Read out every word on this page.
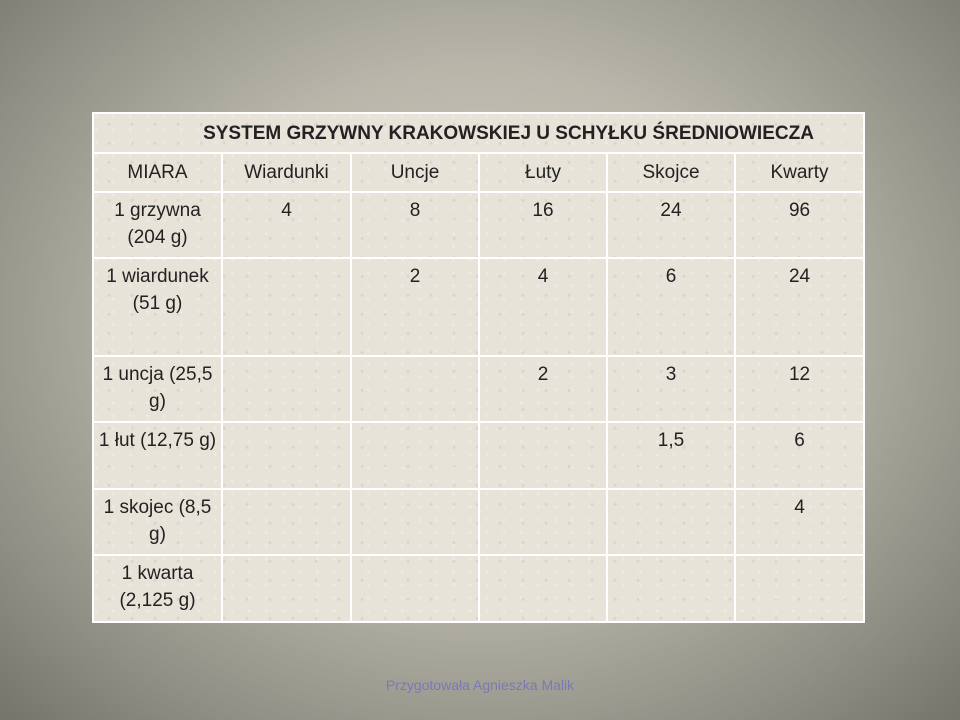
SYSTEM GRZYWNY KRAKOWSKIEJ U SCHYŁKU ŚREDNIOWIECZA					
MIARA	Wiardunki	Uncje	Łuty	Skojce	Kwarty
1 grzywna (204 g)	4	8	16	24	96
1 wiardunek (51 g)		2	4	6	24
1 uncja (25,5 g)			2	3	12
1 łut (12,75 g)				1,5	6
1 skojec (8,5 g)					4
1 kwarta (2,125 g)					
Przygotowała Agnieszka Malik
